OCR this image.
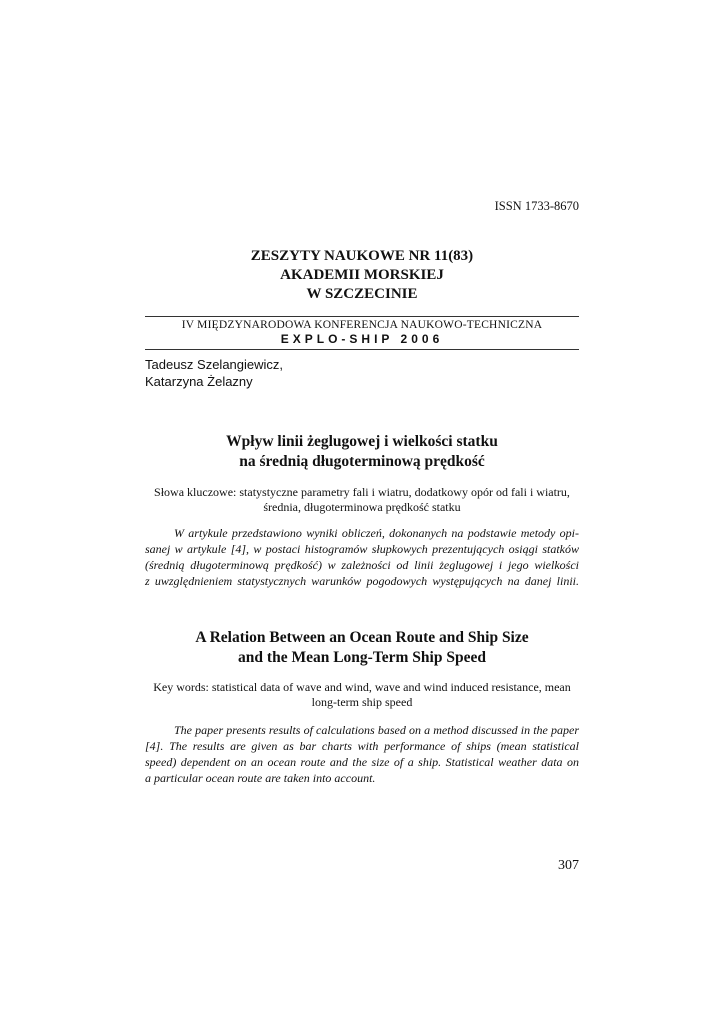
ISSN 1733-8670
ZESZYTY NAUKOWE NR 11(83)
AKADEMII MORSKIEJ
W SZCZECINIE
IV MIĘDZYNARODOWA KONFERENCJA NAUKOWO-TECHNICZNA
EXPLO-SHIP 2006
Tadeusz Szelangiewicz,
Katarzyna Żelazny
Wpływ linii żeglugowej i wielkości statku
na średnią długoterminową prędkość
Słowa kluczowe: statystyczne parametry fali i wiatru, dodatkowy opór od fali i wiatru,
średnia, długoterminowa prędkość statku
W artykule przedstawiono wyniki obliczeń, dokonanych na podstawie metody opi-
sanej w artykule [4], w postaci histogramów słupkowych prezentujących osiągi statków
(średnią długoterminową prędkość) w zależności od linii żeglugowej i jego wielkości
z uwzględnieniem statystycznych warunków pogodowych występujących na danej linii.
A Relation Between an Ocean Route and Ship Size
and the Mean Long-Term Ship Speed
Key words: statistical data of wave and wind, wave and wind induced resistance, mean
long-term ship speed
The paper presents results of calculations based on a method discussed in the paper
[4]. The results are given as bar charts with performance of ships (mean statistical
speed) dependent on an ocean route and the size of a ship. Statistical weather data on
a particular ocean route are taken into account.
307
